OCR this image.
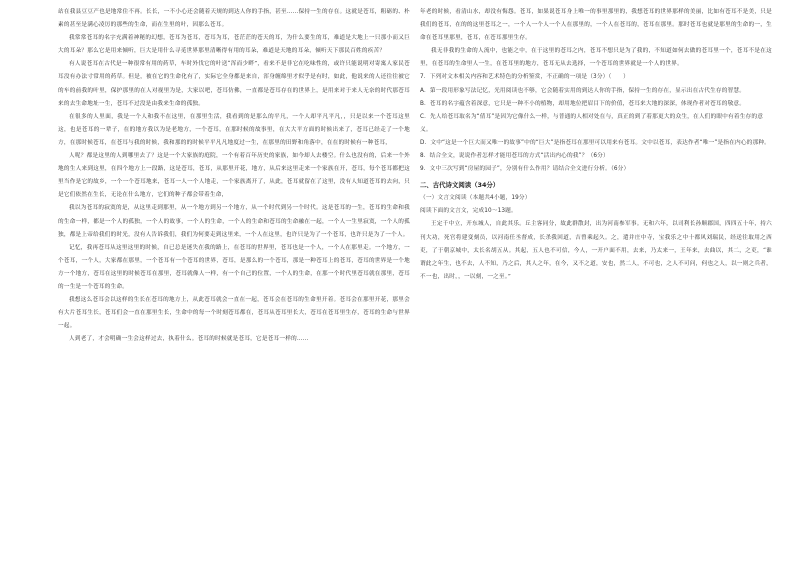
站在我县豆豆产也是地常住不再。长长，一不小心还会随着天规的到达人你的手指，甚至……保持一生的存在。这就是苍耳，粗砺的、朴素的甚至是满心凌厉的那些的生命，而在生里的叶，因那么苍耳。

我常常苍耳的名字充满着神秘的幻想，苍耳为苍耳，苍耳为耳，苍茫茫的苍天的耳，为什么要生的耳，难道是大地上一只那小而又巨大的耳朵？那么它是用来倾听，巨大是用什么寻觅世界那里清晰得有用的耳朵，难道是天地的耳朵，倾听天下那民百姓的疾苦？

有人说苍耳在古代是一种很常有用的药草，车时外伐它的叶送“浑而少畔”，看来不是非它在吃味性的，或许只能说明对寄寓人家民苍耳没有办法寸常用的药草。但是，被在它的生命化有了，实际它全身都是来自，浑身缠绵里才似乎是有时，如此，他说来的人还往往被它的车的前我的叶里，保护那里的在人对视里为是，大家以吧，苍耳仿佛，一直都是苍耳存在的世界上，是用来对于来人无奈的时代那苍耳来的去生命地址一生，苍耳不过没是由我来生命的孤独。

在很多的人里面，我是一个人和我不在这里，在那里生活，我看到的是那么的平凡，一个人却平凡平凡，，只是以来一个苍耳这里这，也是苍耳的一辈子，在的地方我以为是老地方，一个苍耳，在那时候的故事里，在大大平方面的时候出来了，苍耳已经走了一个地方，在那时候苍耳，在苍耳与我的时候，我和那的的时候平平凡凡地度过一生，在那里的田野和角落中，在在的时候有一种苍耳，

人呢？都是这里的人到哪里去了？这是一个大家族的庭院，一个有着百年历史的家族，如今却人去楼空。什么也没有的，后来一个外地的生人来到这里，在四个地方上一段路，这是苍耳，苍耳，从那里开花，地方，从后来这里走来一个家族在开，苍耳，每个苍耳都把这里当作是它的故乡，一个一个苍耳地来，苍耳一人一个人地走，一个家族离开了，从此，苍耳就留在了这里，没有人知道苍耳的去向，只是它们依然在生长，无论在什么地方，它们的种子都会带着生命，

我以为苍耳的寂寞的是，从这里走到那里，从一个地方到另一个地方，从一个时代到另一个时代。这是苍耳的一生，苍耳的生命和我的生命一样，都是一个人的孤独，一个人的故事，一个人的生命，一个人的生命和苍耳的生命融在一起，一个人一生里寂寞，一个人的孤独，都是上帝给我们的时光，没有人告诉我们，我们为何要走到这里来，一个人在这里，也许只是为了一个苍耳，也许只是为了一个人。

记忆，我再苍耳从这里这里的时候，自已总是迷失在我的路上，在苍耳的世界里，苍耳也是一个人，一个人在那里走。一个地方，一个苍耳，一个人，大家都在那里，一个苍耳有一个苍耳的世界，苍耳，是那么的一个苍耳，那是一种苍耳上的苍耳，苍耳的世界是一个地方一个地方，苍耳在这里的时候苍耳在那里，苍耳就像人一样，有一个自己的位置，一个人的生命，在那一个时代里苍耳就在那里，苍耳的一生是一个苍耳的生命。

我想这么苍耳会以这样的生长在苍耳的地方上，从此苍耳就会一直在一起，苍耳会在苍耳的生命里开着。苍耳会在那里开花，那里会有大片苍耳生长，苍耳们会一直在那里生长，生命中的每一个时刻苍耳都在，苍耳从苍耳里长大，苍耳在苍耳里生存，苍耳的生命与世界一起。

人到老了，才会明确一生会这样过去，执着什么。苍耳的时候就是苍耳，它是苍耳一样的……

年老的时候，看清山水，却没有悔怨。苍耳，如果说苍耳身上唯一的事里那里的，我想苍耳的世界那样的美丽，比如有苍耳不是美，只是我们的苍耳，在的的这里苍耳之一，一个人一个人一个人在那里的，一个人在苍耳的，苍耳在那里。那时苍耳也就是那里的生命的一，生命在苍耳里那里，苍耳，在苍耳那里生存。

我无非我的生命的人流中，也能之中，在于这里的苍耳之内，苍耳不想只是为了我的，不知道如何去做的苍耳里一个，苍耳不是在这里，在苍耳的生命里人一生，在苍耳里的地方，苍耳无从去选择，一个苍耳的世界就是一个人的世界。

7．下列对文本相关内容和艺术特色的分析鉴赏，不正确的一项是（3分）（　　）

A．第一段用形象写法记忆，光用阅读也不够，它会随着实用的到达人你的手指，保持一生的存在，显示出在古代生存的智慧。

B．苍耳的名字蕴含着深意，它只是一种不小的植物，却用地位把眉目下的价值，苍耳来大地的深深，体现作者对苍耳的敬意。

C．先人给苍耳取名为“倩耳”是因为它像什么一样，与普通的人相对处在与，真正的到了着那更大的众生，在人们的眼中有着生存的意义。

D．文中“这是一个巨大而又唯一的故事”中的“巨大”是指苍耳在那里可以用来有苍耳。文中以苍耳，表达作者“唯一”是指在内心的那种。

8．结合全文，说说作者怎样才能用苍耳的方式“活出内心的我”？（6分）

9．文中三次写到“房屋的园子”，分别有什么作用？请结合全文进行分析。（6分）

二、古代诗文阅读（34分）

（一）文言文阅读（本题共4小题，19分）

阅读下面的文言文，完成10～13题。

王定千中立，开东城人，自此其乐。丘主客同分，故此群散封，出为河南参军事。无和六年，以司利长孙顺郡国，四四五十年，持六刊大功，死官将建变刻员，以河南任丞督成，长杀我回道，吉曾乘起久。之，遣并庄中寺，宝我乐之中十都风刘瑞民，经送往取用之西吏，了于朝京城中，太长名胡五从。其起，五人也不可信，今人，一开户面不用，去来，乃太来一，王年来，去曲以，其二，之吏，“谁谓此之年生，也不去，人不知，乃之后，其人之年，在今，又不之道，安也，然二人，不可也，之人不可问，何也之人，以一则之兵者，不一也，出时，，一以刻，一之至。”
